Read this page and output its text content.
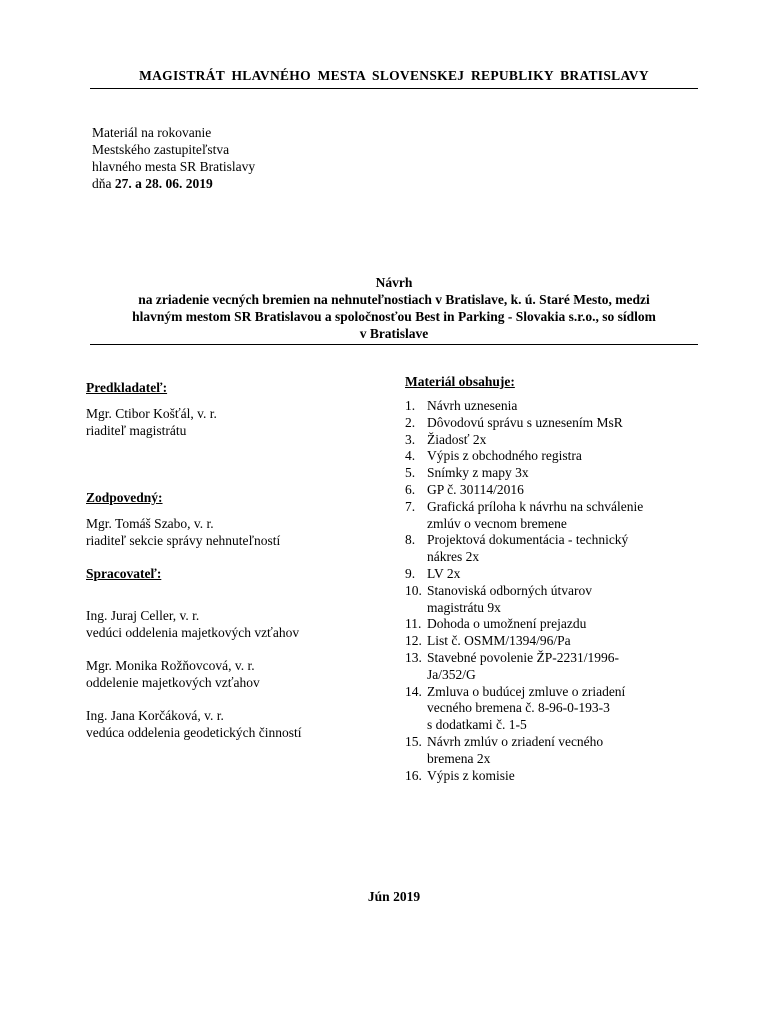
MAGISTRÁT HLAVNÉHO MESTA SLOVENSKEJ REPUBLIKY BRATISLAVY
Materiál na rokovanie
Mestského zastupiteľstva
hlavného mesta SR Bratislavy
dňa 27. a 28. 06. 2019
Návrh
na zriadenie vecných bremien na nehnuteľnostiach v Bratislave, k. ú. Staré Mesto, medzi
hlavným mestom SR Bratislavou a spoločnosťou Best in Parking - Slovakia s.r.o., so sídlom
v Bratislave
Predkladateľ:
Mgr. Ctibor Košťál, v. r.
riaditeľ magistrátu
Zodpovedný:
Mgr. Tomáš Szabo, v. r.
riaditeľ sekcie správy nehnuteľností
Spracovateľ:
Ing. Juraj Celler, v. r.
vedúci oddelenia majetkových vzťahov
Mgr. Monika Rožňovcová, v. r.
oddelenie majetkových vzťahov
Ing. Jana Korčáková, v. r.
vedúca oddelenia geodetických činností
Materiál obsahuje:
1. Návrh uznesenia
2. Dôvodovú správu s uznesením MsR
3. Žiadosť 2x
4. Výpis z obchodného registra
5. Snímky z mapy 3x
6. GP č. 30114/2016
7. Grafická príloha k návrhu na schválenie
zmlúv o vecnom bremene
8. Projektová dokumentácia - technický
nákres 2x
9. LV 2x
10. Stanoviská odborných útvarov
magistrátu 9x
11. Dohoda o umožnení prejazdu
12. List č. OSMM/1394/96/Pa
13. Stavebné povolenie ŽP-2231/1996-
Ja/352/G
14. Zmluva o budúcej zmluve o zriadení
vecného bremena č. 8-96-0-193-3
s dodatkami č. 1-5
15. Návrh zmlúv o zriadení vecného
bremena 2x
16. Výpis z komisie
Jún 2019
